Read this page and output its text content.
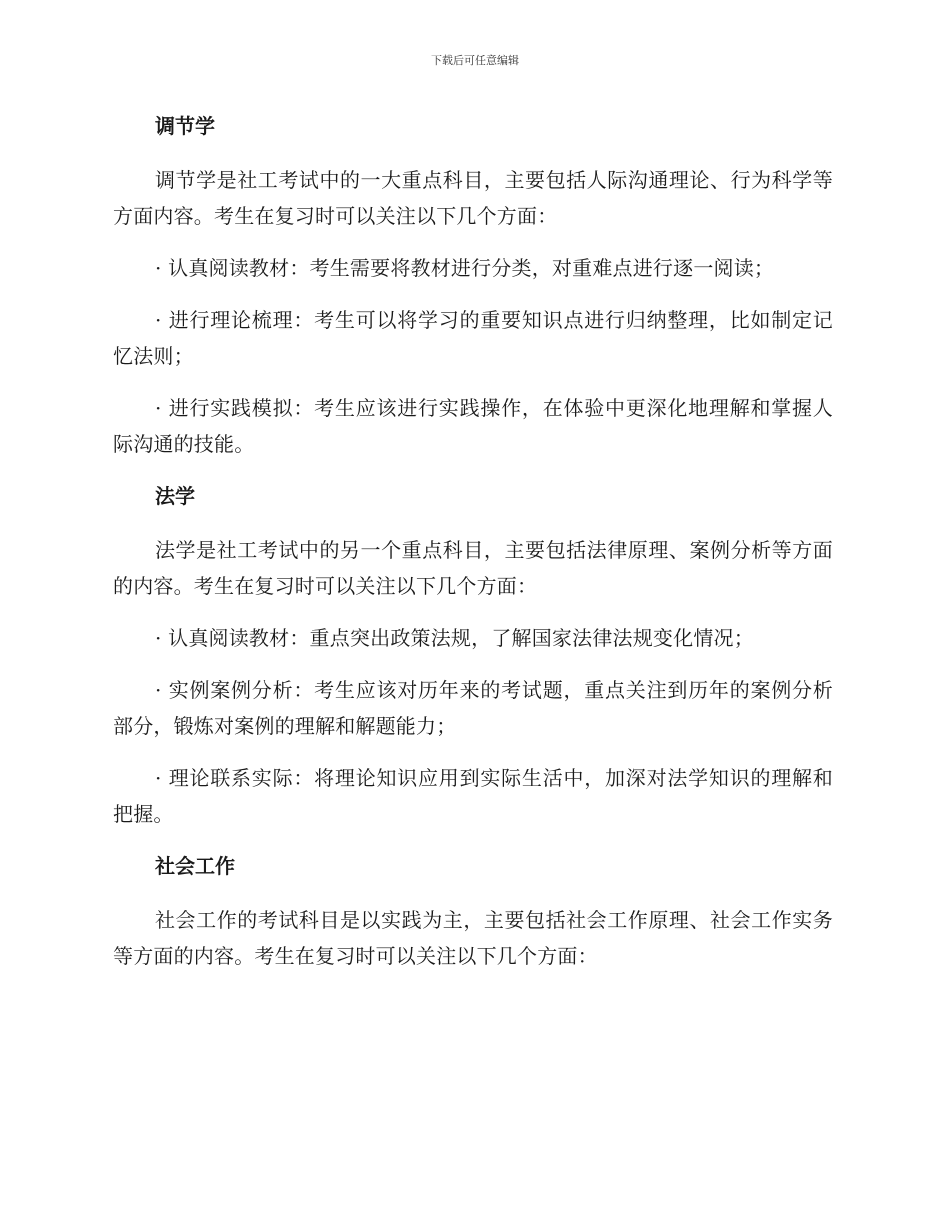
下载后可任意编辑
调节学

调节学是社工考试中的一大重点科目，主要包括人际沟通理论、行为科学等方面内容。考生在复习时可以关注以下几个方面：

· 认真阅读教材：考生需要将教材进行分类，对重难点进行逐一阅读；

· 进行理论梳理：考生可以将学习的重要知识点进行归纳整理，比如制定记忆法则；

· 进行实践模拟：考生应该进行实践操作，在体验中更深化地理解和掌握人际沟通的技能。

法学

法学是社工考试中的另一个重点科目，主要包括法律原理、案例分析等方面的内容。考生在复习时可以关注以下几个方面：

· 认真阅读教材：重点突出政策法规，了解国家法律法规变化情况；

· 实例案例分析：考生应该对历年来的考试题，重点关注到历年的案例分析部分，锻炼对案例的理解和解题能力；

· 理论联系实际：将理论知识应用到实际生活中，加深对法学知识的理解和把握。

社会工作

社会工作的考试科目是以实践为主，主要包括社会工作原理、社会工作实务等方面的内容。考生在复习时可以关注以下几个方面：
